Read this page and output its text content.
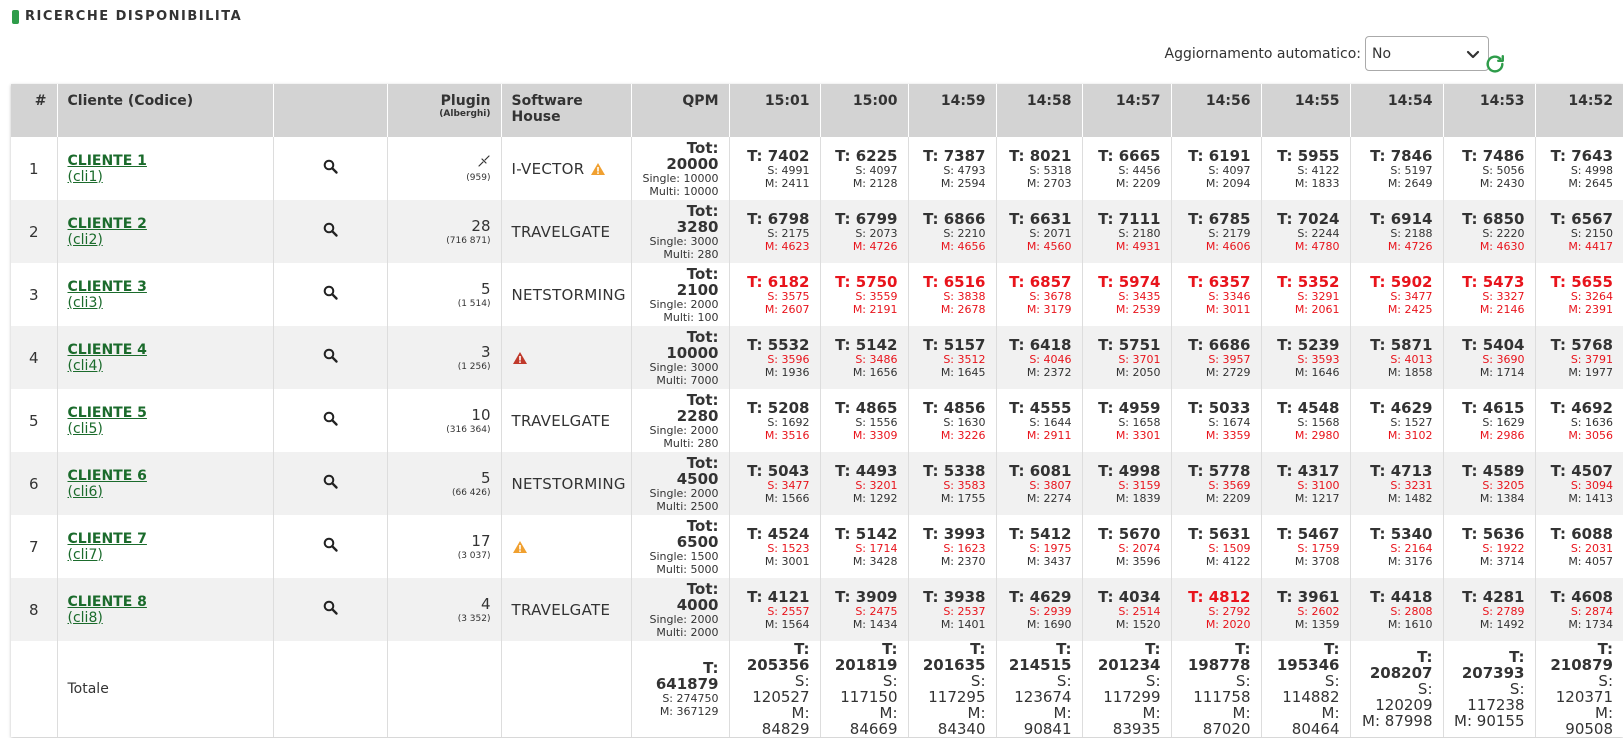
RICERCHE DISPONIBILITA
Aggiornamento automatico: No
#	Cliente (Codice)		Plugin
(Alberghi)	Software House	QPM	15:01	15:00	14:59	14:58	14:57	14:56	14:55	14:54	14:53	14:52
1	CLIENTE 1
(cli1)		(959)	I-VECTOR	Tot: 20000
Single: 10000
Multi: 10000	T: 7402
S: 4991
M: 2411	T: 6225
S: 4097
M: 2128	T: 7387
S: 4793
M: 2594	T: 8021
S: 5318
M: 2703	T: 6665
S: 4456
M: 2209	T: 6191
S: 4097
M: 2094	T: 5955
S: 4122
M: 1833	T: 7846
S: 5197
M: 2649	T: 7486
S: 5056
M: 2430	T: 7643
S: 4998
M: 2645

2	CLIENTE 2
(cli2)		28
(716 871)	TRAVELGATE	Tot: 3280
Single: 3000
Multi: 280	T: 6798
S: 2175
M: 4623	T: 6799
S: 2073
M: 4726	T: 6866
S: 2210
M: 4656	T: 6631
S: 2071
M: 4560	T: 7111
S: 2180
M: 4931	T: 6785
S: 2179
M: 4606	T: 7024
S: 2244
M: 4780	T: 6914
S: 2188
M: 4726	T: 6850
S: 2220
M: 4630	T: 6567
S: 2150
M: 4417

3	CLIENTE 3
(cli3)		5
(1 514)	NETSTORMING	Tot: 2100
Single: 2000
Multi: 100	T: 6182
S: 3575
M: 2607	T: 5750
S: 3559
M: 2191	T: 6516
S: 3838
M: 2678	T: 6857
S: 3678
M: 3179	T: 5974
S: 3435
M: 2539	T: 6357
S: 3346
M: 3011	T: 5352
S: 3291
M: 2061	T: 5902
S: 3477
M: 2425	T: 5473
S: 3327
M: 2146	T: 5655
S: 3264
M: 2391

4	CLIENTE 4
(cli4)		3
(1 256)		Tot: 10000
Single: 3000
Multi: 7000	T: 5532
S: 3596
M: 1936	T: 5142
S: 3486
M: 1656	T: 5157
S: 3512
M: 1645	T: 6418
S: 4046
M: 2372	T: 5751
S: 3701
M: 2050	T: 6686
S: 3957
M: 2729	T: 5239
S: 3593
M: 1646	T: 5871
S: 4013
M: 1858	T: 5404
S: 3690
M: 1714	T: 5768
S: 3791
M: 1977

5	CLIENTE 5
(cli5)		10
(316 364)	TRAVELGATE	Tot: 2280
Single: 2000
Multi: 280	T: 5208
S: 1692
M: 3516	T: 4865
S: 1556
M: 3309	T: 4856
S: 1630
M: 3226	T: 4555
S: 1644
M: 2911	T: 4959
S: 1658
M: 3301	T: 5033
S: 1674
M: 3359	T: 4548
S: 1568
M: 2980	T: 4629
S: 1527
M: 3102	T: 4615
S: 1629
M: 2986	T: 4692
S: 1636
M: 3056

6	CLIENTE 6
(cli6)		5
(66 426)	NETSTORMING	Tot: 4500
Single: 2000
Multi: 2500	T: 5043
S: 3477
M: 1566	T: 4493
S: 3201
M: 1292	T: 5338
S: 3583
M: 1755	T: 6081
S: 3807
M: 2274	T: 4998
S: 3159
M: 1839	T: 5778
S: 3569
M: 2209	T: 4317
S: 3100
M: 1217	T: 4713
S: 3231
M: 1482	T: 4589
S: 3205
M: 1384	T: 4507
S: 3094
M: 1413

7	CLIENTE 7
(cli7)		17
(3 037)		Tot: 6500
Single: 1500
Multi: 5000	T: 4524
S: 1523
M: 3001	T: 5142
S: 1714
M: 3428	T: 3993
S: 1623
M: 2370	T: 5412
S: 1975
M: 3437	T: 5670
S: 2074
M: 3596	T: 5631
S: 1509
M: 4122	T: 5467
S: 1759
M: 3708	T: 5340
S: 2164
M: 3176	T: 5636
S: 1922
M: 3714	T: 6088
S: 2031
M: 4057

8	CLIENTE 8
(cli8)		4
(3 352)	TRAVELGATE	Tot: 4000
Single: 2000
Multi: 2000	T: 4121
S: 2557
M: 1564	T: 3909
S: 2475
M: 1434	T: 3938
S: 2537
M: 1401	T: 4629
S: 2939
M: 1690	T: 4034
S: 2514
M: 1520	T: 4812
S: 2792
M: 2020	T: 3961
S: 2602
M: 1359	T: 4418
S: 2808
M: 1610	T: 4281
S: 2789
M: 1492	T: 4608
S: 2874
M: 1734

	Totale				T: 641879
S: 274750
M: 367129	T: 205356
S: 120527
M: 84829	T: 201819
S: 117150
M: 84669	T: 201635
S: 117295
M: 84340	T: 214515
S: 123674
M: 90841	T: 201234
S: 117299
M: 83935	T: 198778
S: 111758
M: 87020	T: 195346
S: 114882
M: 80464	T: 208207
S: 120209
M: 87998	T: 207393
S: 117238
M: 90155	T: 210879
S: 120371
M: 90508
